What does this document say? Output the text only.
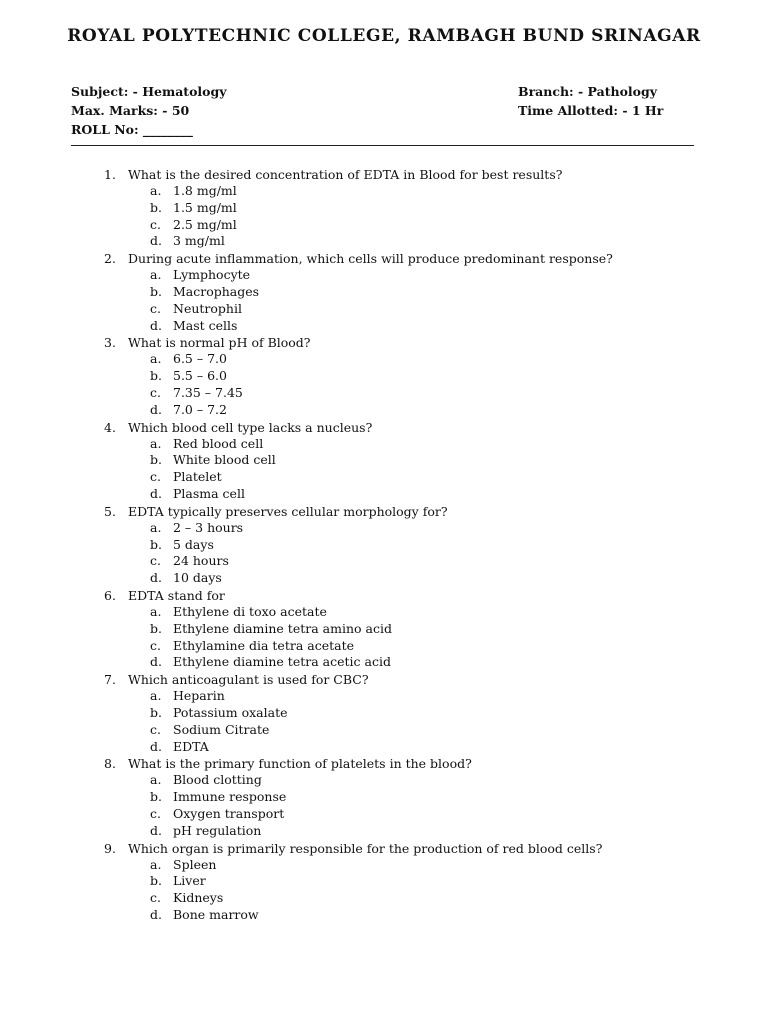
ROYAL POLYTECHNIC COLLEGE, RAMBAGH BUND SRINAGAR
Subject: - Hematology
Max. Marks: - 50
ROLL No: ________
Branch: - Pathology
Time Allotted: - 1 Hr
1. What is the desired concentration of EDTA in Blood for best results?
a. 1.8 mg/ml
b. 1.5 mg/ml
c. 2.5 mg/ml
d. 3 mg/ml
2. During acute inflammation, which cells will produce predominant response?
a. Lymphocyte
b. Macrophages
c. Neutrophil
d. Mast cells
3. What is normal pH of Blood?
a. 6.5 – 7.0
b. 5.5 – 6.0
c. 7.35 – 7.45
d. 7.0 – 7.2
4. Which blood cell type lacks a nucleus?
a. Red blood cell
b. White blood cell
c. Platelet
d. Plasma cell
5. EDTA typically preserves cellular morphology for?
a. 2 – 3 hours
b. 5 days
c. 24 hours
d. 10 days
6. EDTA stand for
a. Ethylene di toxo acetate
b. Ethylene diamine tetra amino acid
c. Ethylamine dia tetra acetate
d. Ethylene diamine tetra acetic acid
7. Which anticoagulant is used for CBC?
a. Heparin
b. Potassium oxalate
c. Sodium Citrate
d. EDTA
8. What is the primary function of platelets in the blood?
a. Blood clotting
b. Immune response
c. Oxygen transport
d. pH regulation
9. Which organ is primarily responsible for the production of red blood cells?
a. Spleen
b. Liver
c. Kidneys
d. Bone marrow
